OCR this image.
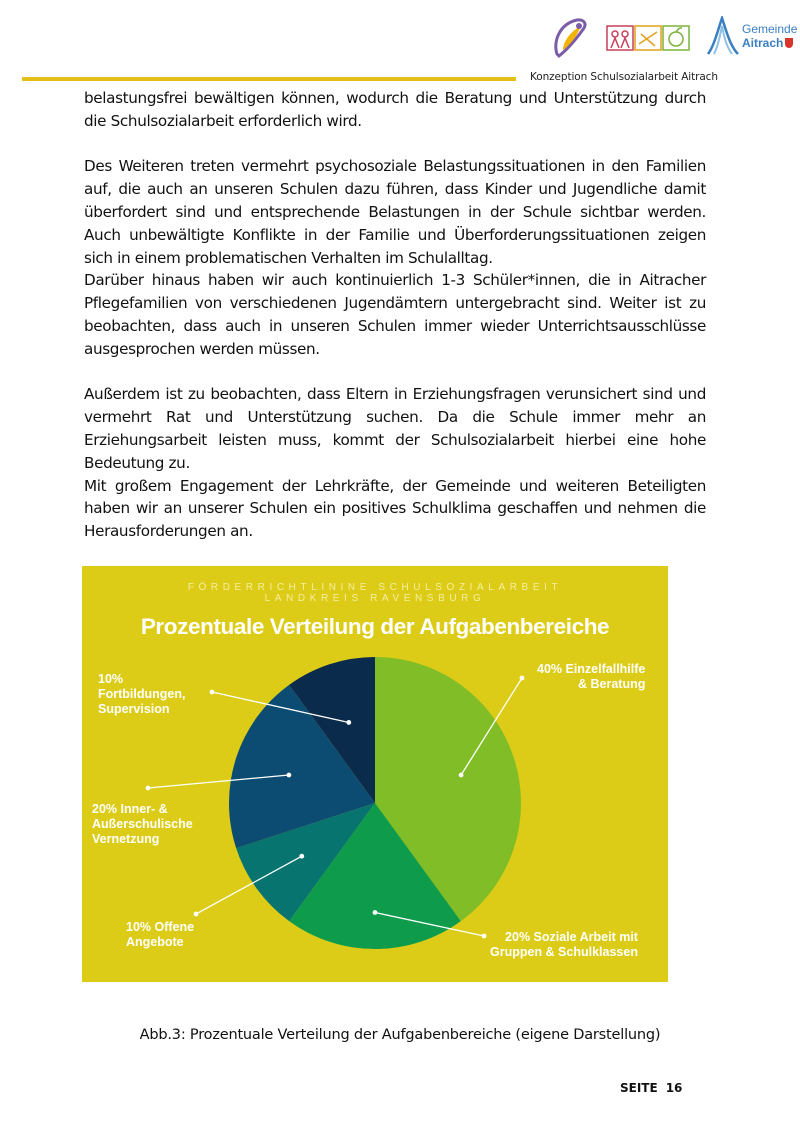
Gemeinde
Aitrach
Konzeption Schulsozialarbeit Aitrach

belastungsfrei bewältigen können, wodurch die Beratung und Unterstützung durch die Schulsozialarbeit erforderlich wird.

Des Weiteren treten vermehrt psychosoziale Belastungssituationen in den Familien auf, die auch an unseren Schulen dazu führen, dass Kinder und Jugendliche damit überfordert sind und entsprechende Belastungen in der Schule sichtbar werden. Auch unbewältigte Konflikte in der Familie und Überforderungssituationen zeigen sich in einem problematischen Verhalten im Schulalltag.

Darüber hinaus haben wir auch kontinuierlich 1-3 Schüler*innen, die in Aitracher Pflegefamilien von verschiedenen Jugendämtern untergebracht sind. Weiter ist zu beobachten, dass auch in unseren Schulen immer wieder Unterrichtsausschlüsse ausgesprochen werden müssen.

Außerdem ist zu beobachten, dass Eltern in Erziehungsfragen verunsichert sind und vermehrt Rat und Unterstützung suchen. Da die Schule immer mehr an Erziehungsarbeit leisten muss, kommt der Schulsozialarbeit hierbei eine hohe Bedeutung zu.

Mit großem Engagement der Lehrkräfte, der Gemeinde und weiteren Beteiligten haben wir an unserer Schulen ein positives Schulklima geschaffen und nehmen die Herausforderungen an.

FÖRDERRICHTLININE SCHULSOZIALARBEIT
LANDKREIS RAVENSBURG
Prozentuale Verteilung der Aufgabenbereiche
40% Einzelfallhilfe
& Beratung
20% Soziale Arbeit mit
Gruppen & Schulklassen
10% Offene
Angebote
20% Inner- &
Außerschulische
Vernetzung
10%
Fortbildungen,
Supervision
Abb.3: Prozentuale Verteilung der Aufgabenbereiche (eigene Darstellung)
SEITE 16
